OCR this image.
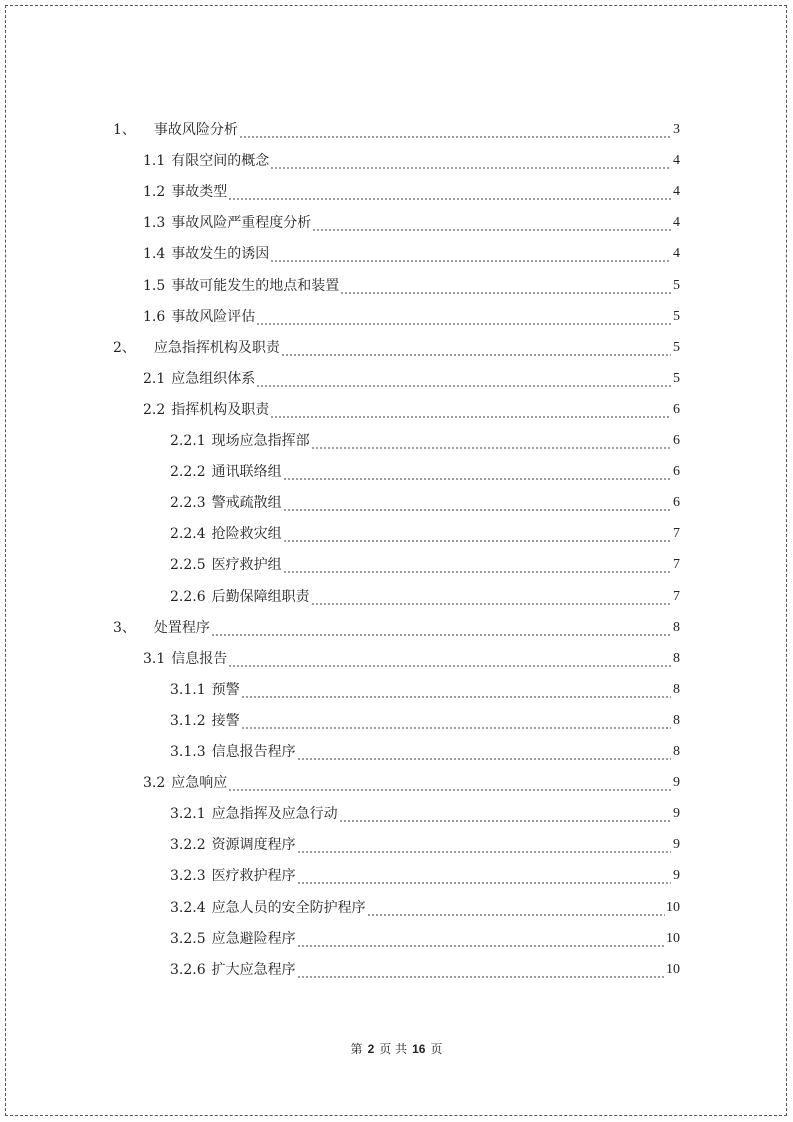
1、 事故风险分析	3
1.1 有限空间的概念	4
1.2 事故类型	4
1.3 事故风险严重程度分析	4
1.4 事故发生的诱因	4
1.5 事故可能发生的地点和装置	5
1.6 事故风险评估	5
2、 应急指挥机构及职责	5
2.1 应急组织体系	5
2.2 指挥机构及职责	6
2.2.1 现场应急指挥部	6
2.2.2 通讯联络组	6
2.2.3 警戒疏散组	6
2.2.4 抢险救灾组	7
2.2.5 医疗救护组	7
2.2.6 后勤保障组职责	7
3、 处置程序	8
3.1 信息报告	8
3.1.1 预警	8
3.1.2 接警	8
3.1.3 信息报告程序	8
3.2 应急响应	9
3.2.1 应急指挥及应急行动	9
3.2.2 资源调度程序	9
3.2.3 医疗救护程序	9
3.2.4 应急人员的安全防护程序	10
3.2.5 应急避险程序	10
3.2.6 扩大应急程序	10
第 2 页 共 16 页
